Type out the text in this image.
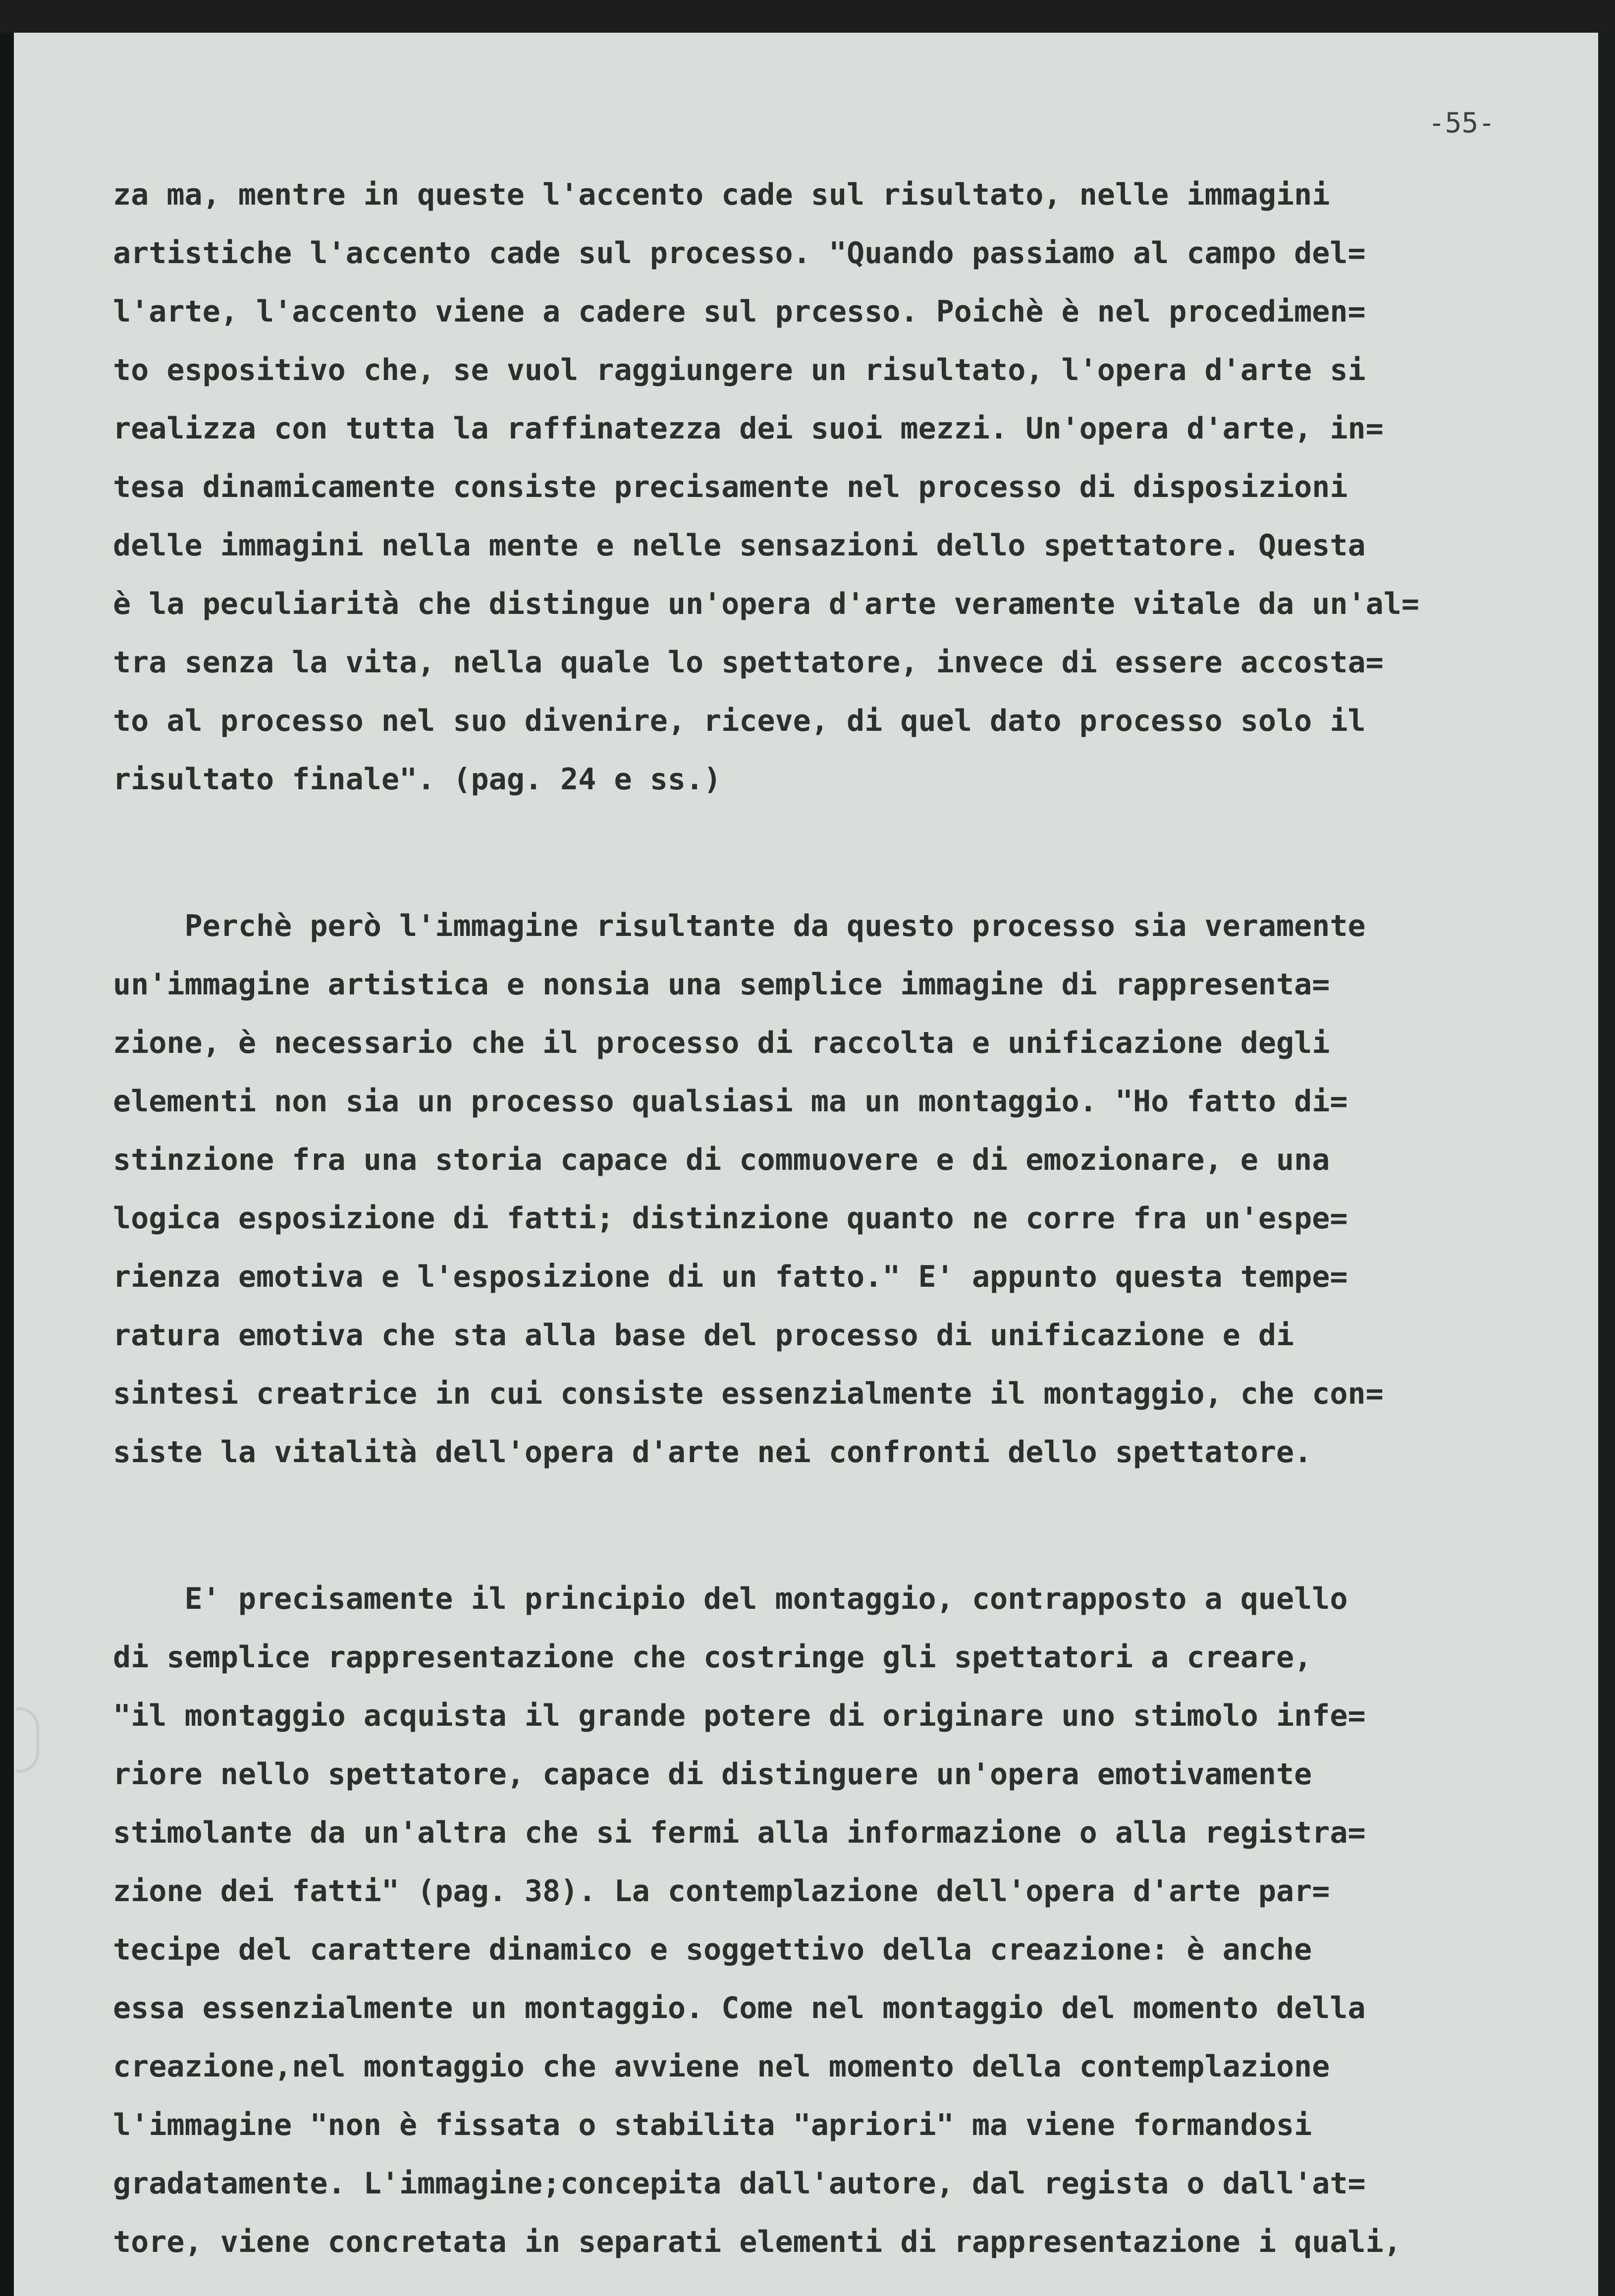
-55-
za ma, mentre in queste l'accento cade sul risultato, nelle immagini
artistiche l'accento cade sul processo. "Quando passiamo al campo del=
l'arte, l'accento viene a cadere sul prcesso. Poichè è nel procedimen=
to espositivo che, se vuol raggiungere un risultato, l'opera d'arte si
realizza con tutta la raffinatezza dei suoi mezzi. Un'opera d'arte, in=
tesa dinamicamente consiste precisamente nel processo di disposizioni
delle immagini nella mente e nelle sensazioni dello spettatore. Questa
è la peculiarità che distingue un'opera d'arte veramente vitale da un'al=
tra senza la vita, nella quale lo spettatore, invece di essere accosta=
to al processo nel suo divenire, riceve, di quel dato processo solo il
risultato finale". (pag. 24 e ss.)
Perchè però l'immagine risultante da questo processo sia veramente
un'immagine artistica e nonsia una semplice immagine di rappresenta=
zione, è necessario che il processo di raccolta e unificazione degli
elementi non sia un processo qualsiasi ma un montaggio. "Ho fatto di=
stinzione fra una storia capace di commuovere e di emozionare, e una
logica esposizione di fatti; distinzione quanto ne corre fra un'espe=
rienza emotiva e l'esposizione di un fatto." E' appunto questa tempe=
ratura emotiva che sta alla base del processo di unificazione e di
sintesi creatrice in cui consiste essenzialmente il montaggio, che con=
siste la vitalità dell'opera d'arte nei confronti dello spettatore.
E' precisamente il principio del montaggio, contrapposto a quello
di semplice rappresentazione che costringe gli spettatori a creare,
"il montaggio acquista il grande potere di originare uno stimolo infe=
riore nello spettatore, capace di distinguere un'opera emotivamente
stimolante da un'altra che si fermi alla informazione o alla registra=
zione dei fatti" (pag. 38). La contemplazione dell'opera d'arte par=
tecipe del carattere dinamico e soggettivo della creazione: è anche
essa essenzialmente un montaggio. Come nel montaggio del momento della
creazione,nel montaggio che avviene nel momento della contemplazione
l'immagine "non è fissata o stabilita "apriori" ma viene formandosi
gradatamente. L'immagine;concepita dall'autore, dal regista o dall'at=
tore, viene concretata in separati elementi di rappresentazione i quali,
